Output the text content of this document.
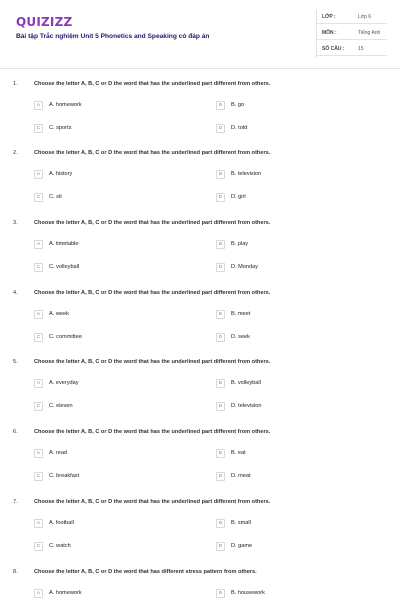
QUIZIZZ
Bài tập Trắc nghiệm Unit 5 Phonetics and Speaking có đáp án
LỚP :	Lớp 6
MÔN :	Tiếng Anh
SỐ CÂU :	15
1.	Choose the letter A, B, C or D the word that has the underlined part different from others.
A	A. homework	B	B. go
C	C. sports	D	D. told
2.	Choose the letter A, B, C or D the word that has the underlined part different from others.
A	A. history	B	B. television
C	C. sit	D	D. girl
3.	Choose the letter A, B, C or D the word that has the underlined part different from others.
A	A. timetable	B	B. play
C	C. volleyball	D	D. Monday
4.	Choose the letter A, B, C or D the word that has the underlined part different from others.
A	A. week	B	B. meet
C	C. committee	D	D. seek
5.	Choose the letter A, B, C or D the word that has the underlined part different from others.
A	A. everyday	B	B. volleyball
C	C. eleven	D	D. television
6.	Choose the letter A, B, C or D the word that has the underlined part different from others.
A	A. read	B	B. eat
C	C. breakfast	D	D. meat
7.	Choose the letter A, B, C or D the word that has the underlined part different from others.
A	A. football	B	B. small
C	C. watch	D	D. game
8.	Choose the letter A, B, C or D the word that has different stress pattern from others.
A	A. homework	B	B. housework
